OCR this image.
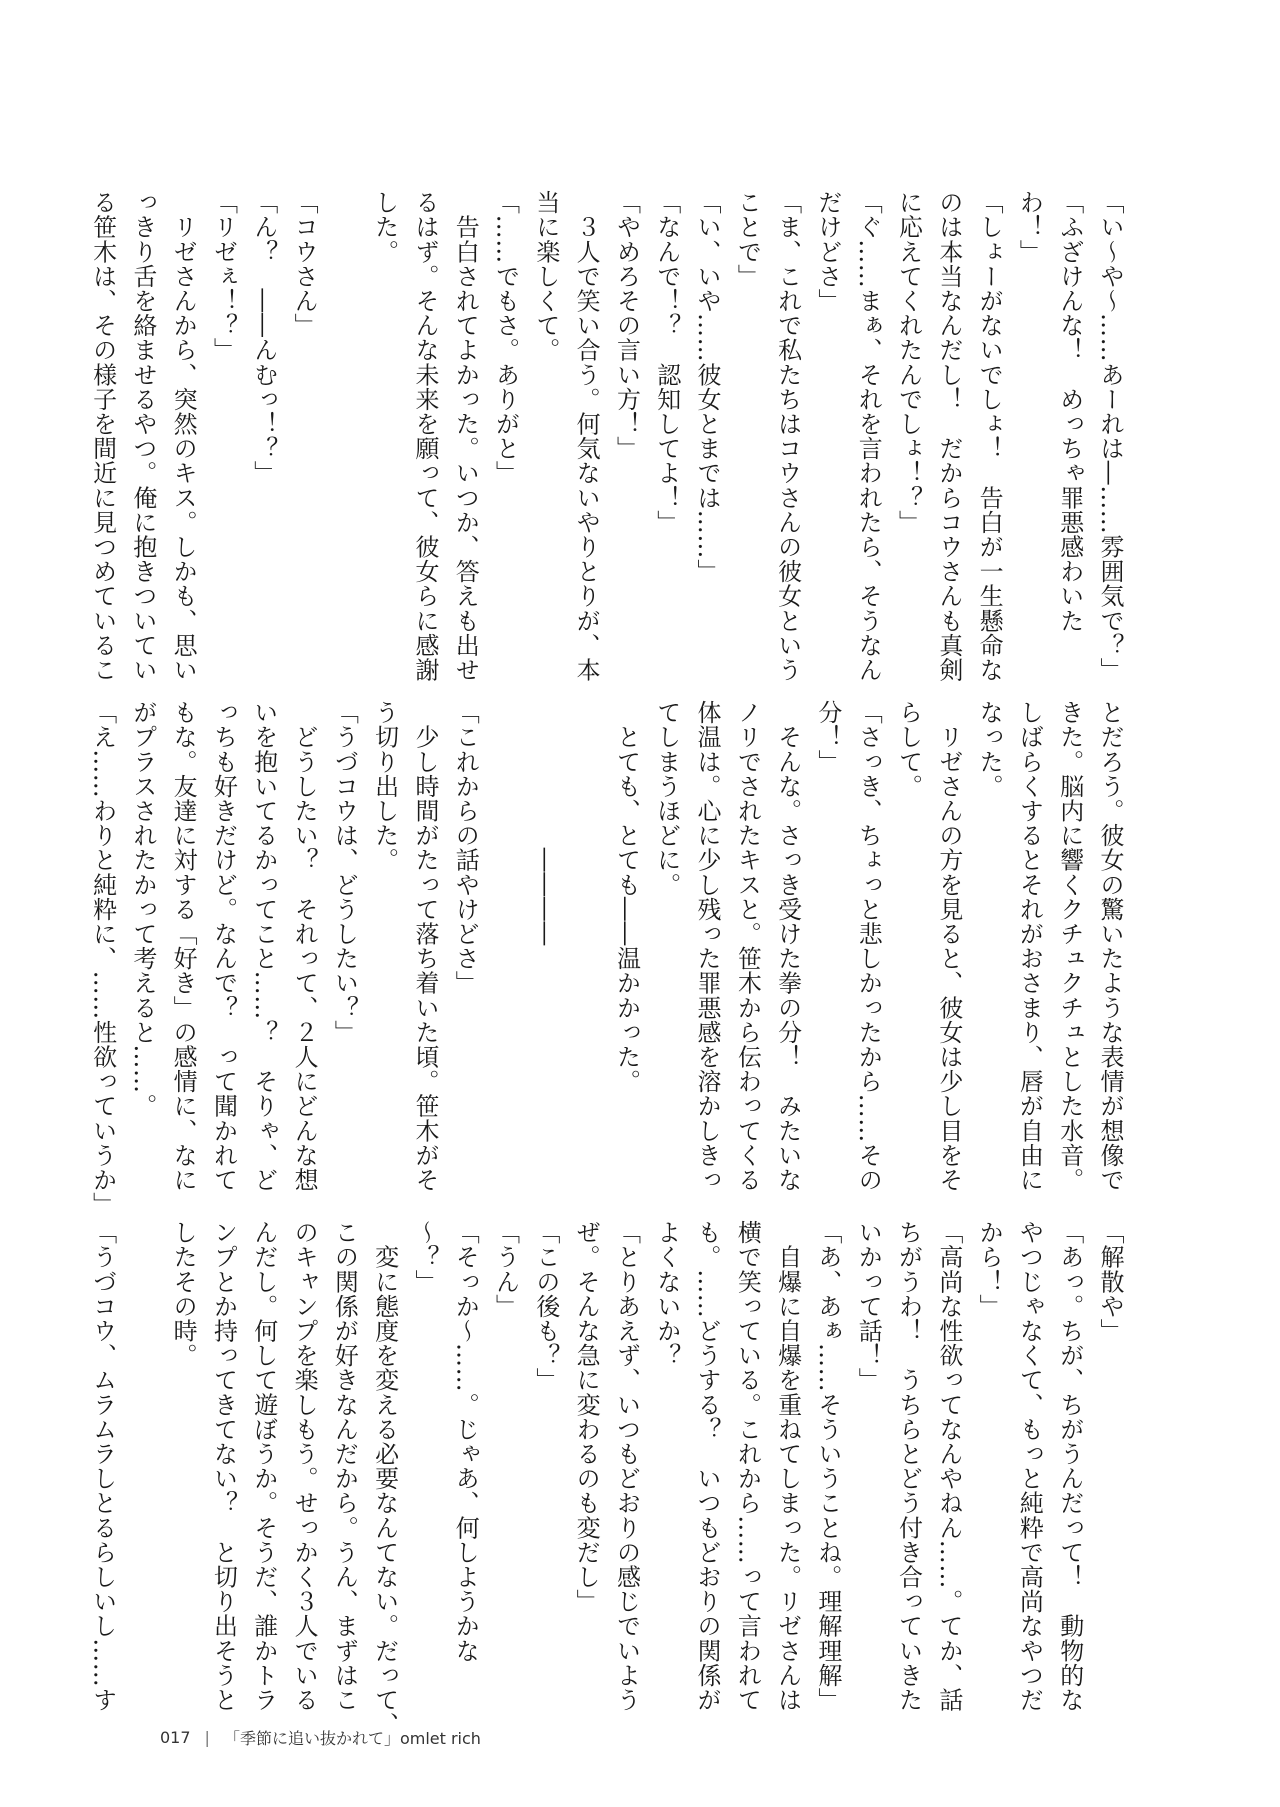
「い〜や〜……あーれは―……雰囲気で？」
「ふざけんな！　めっちゃ罪悪感わいた
わ！」
「しょーがないでしょ！　告白が一生懸命な
のは本当なんだし！　だからコウさんも真剣
に応えてくれたんでしょ！？」
「ぐ……まぁ、それを言われたら、そうなん
だけどさ」
「ま、これで私たちはコウさんの彼女という
ことで」
「い、いや……彼女とまでは……」
「なんで！？　認知してよ！」
「やめろその言い方！」
　３人で笑い合う。何気ないやりとりが、本
当に楽しくて。
「……でもさ。ありがと」
　告白されてよかった。いつか、答えも出せ
るはず。そんな未来を願って、彼女らに感謝
した。

「コウさん」
「ん？　――んむっ！？」
「リゼぇ！？」
　リゼさんから、突然のキス。しかも、思い
っきり舌を絡ませるやつ。俺に抱きついてい
る笹木は、その様子を間近に見つめているこ
とだろう。彼女の驚いたような表情が想像で
きた。脳内に響くクチュクチュとした水音。
しばらくするとそれがおさまり、唇が自由に
なった。
　リゼさんの方を見ると、彼女は少し目をそ
らして。
「さっき、ちょっと悲しかったから……その
分！」
　そんな。さっき受けた拳の分！　みたいな
ノリでされたキスと。笹木から伝わってくる
体温は。心に少し残った罪悪感を溶かしきっ
てしまうほどに。
　とても、とても――温かかった。

　　　　　　――――

「これからの話やけどさ」
　少し時間がたって落ち着いた頃。笹木がそ
う切り出した。
「うづコウは、どうしたい？」
　どうしたい？　それって、２人にどんな想
いを抱いてるかってこと……？　そりゃ、ど
っちも好きだけど。なんで？　って聞かれて
もな。友達に対する「好き」の感情に、なに
がプラスされたかって考えると……。
「え……わりと純粋に、……性欲っていうか」
「解散や」
「あっ。ちが、ちがうんだって！　動物的な
やつじゃなくて、もっと純粋で高尚なやつだ
から！」
「高尚な性欲ってなんやねん……。てか、話
ちがうわ！　うちらとどう付き合っていきた
いかって話！」
「あ、あぁ……そういうことね。理解理解」
　自爆に自爆を重ねてしまった。リゼさんは
横で笑っている。これから……って言われて
も。……どうする？　いつもどおりの関係が
よくないか？
「とりあえず、いつもどおりの感じでいよう
ぜ。そんな急に変わるのも変だし」
「この後も？」
「うん」
「そっか〜……。じゃあ、何しようかな
〜？」
　変に態度を変える必要なんてない。だって、
この関係が好きなんだから。うん、まずはこ
のキャンプを楽しもう。せっかく３人でいる
んだし。何して遊ぼうか。そうだ、誰かトラ
ンプとか持ってきてない？　と切り出そうと
したその時。

「うづコウ、ムラムラしとるらしいし……す
017 | 「季節に追い抜かれて」omlet rich
